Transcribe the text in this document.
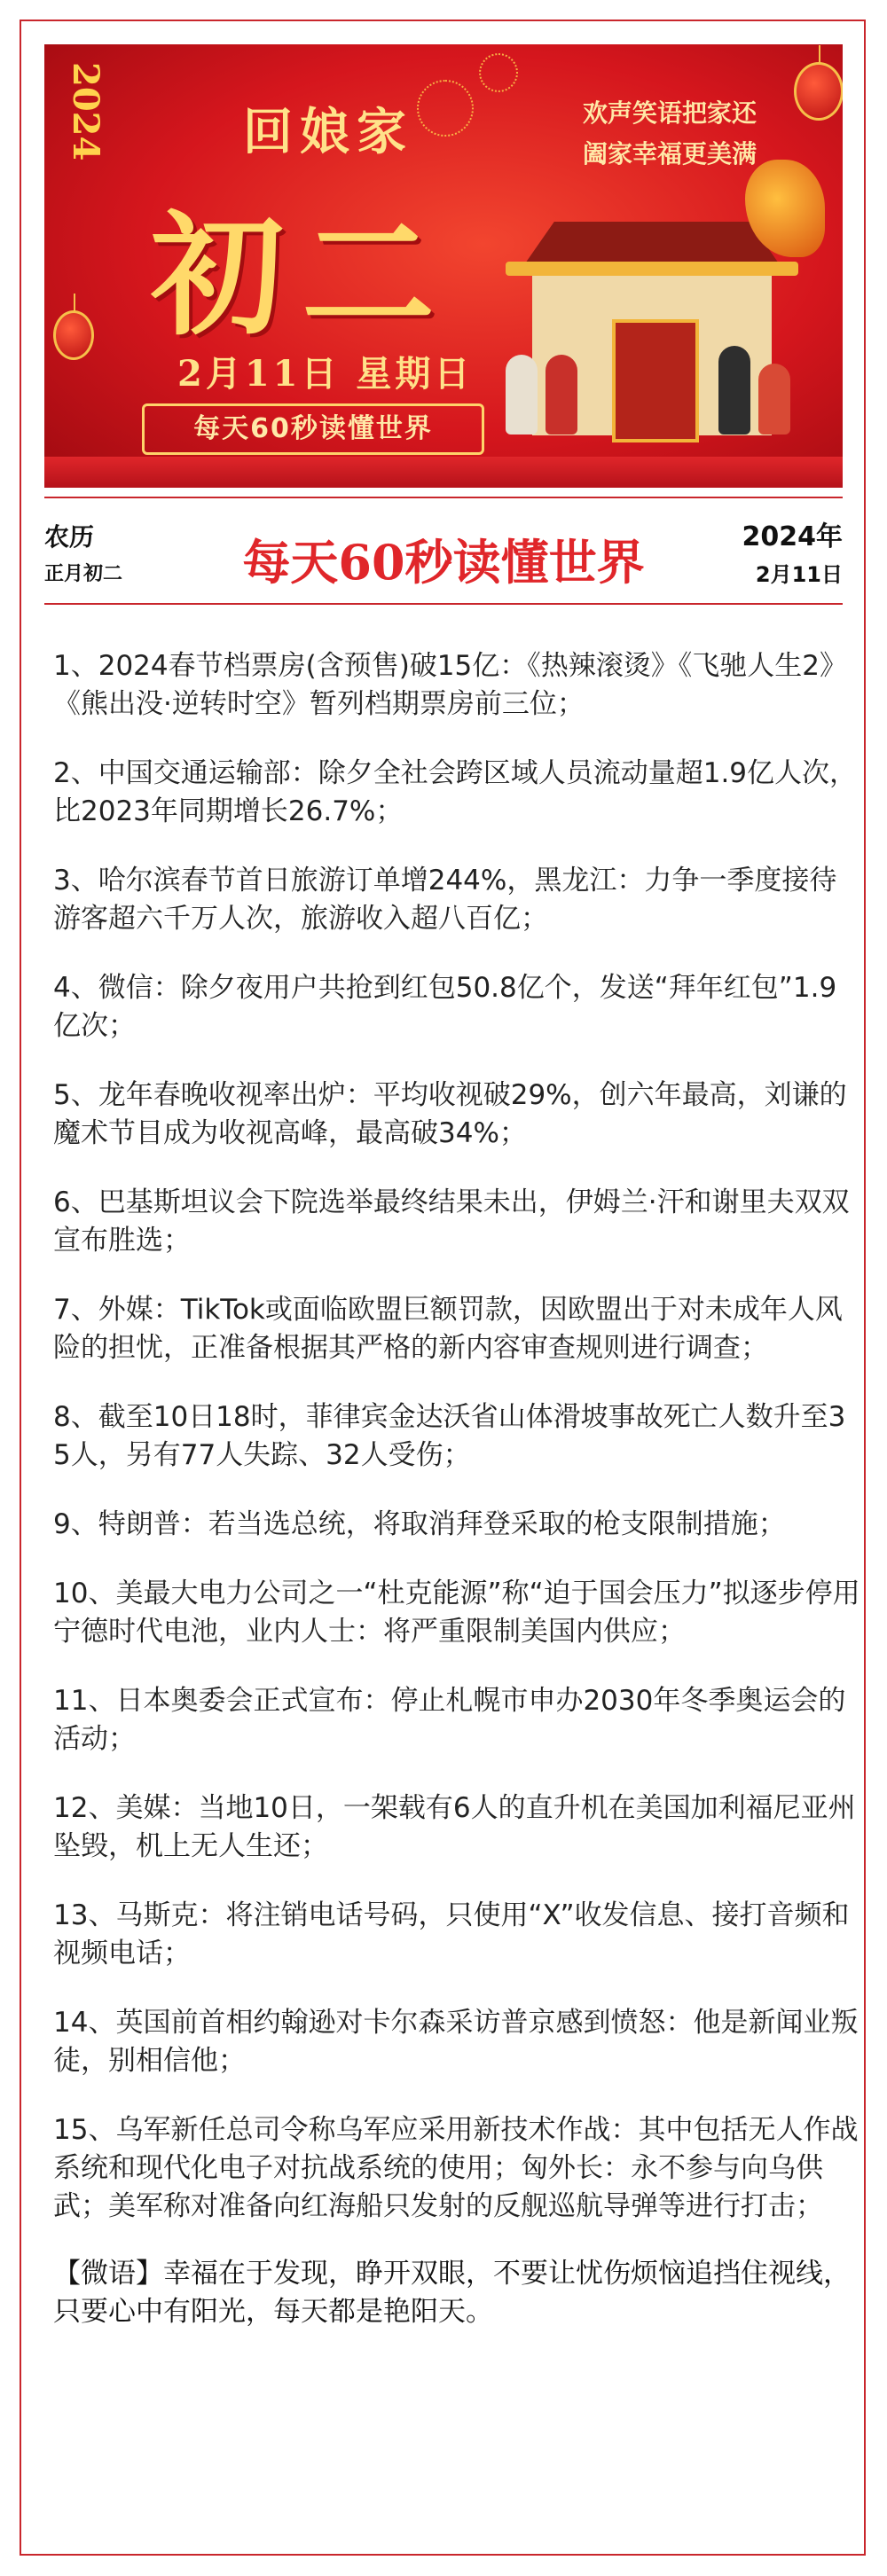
2024	回娘家
初二
2月11日 星期日
每天60秒读懂世界
欢声笑语把家还
阖家幸福更美满
农历
正月初二	每天60秒读懂世界	2024年
2月11日

1、2024春节档票房(含预售)破15亿：《热辣滚烫》《飞驰人生2》《熊出没·逆转时空》暂列档期票房前三位；

2、中国交通运输部：除夕全社会跨区域人员流动量超1.9亿人次，比2023年同期增长26.7%；

3、哈尔滨春节首日旅游订单增244%，黑龙江：力争一季度接待游客超六千万人次，旅游收入超八百亿；

4、微信：除夕夜用户共抢到红包50.8亿个，发送“拜年红包”1.9亿次；

5、龙年春晚收视率出炉：平均收视破29%，创六年最高，刘谦的魔术节目成为收视高峰，最高破34%；

6、巴基斯坦议会下院选举最终结果未出，伊姆兰·汗和谢里夫双双宣布胜选；

7、外媒：TikTok或面临欧盟巨额罚款，因欧盟出于对未成年人风险的担忧，正准备根据其严格的新内容审查规则进行调查；

8、截至10日18时，菲律宾金达沃省山体滑坡事故死亡人数升至35人，另有77人失踪、32人受伤；

9、特朗普：若当选总统，将取消拜登采取的枪支限制措施；

10、美最大电力公司之一“杜克能源”称“迫于国会压力”拟逐步停用宁德时代电池，业内人士：将严重限制美国内供应；

11、日本奥委会正式宣布：停止札幌市申办2030年冬季奥运会的活动；

12、美媒：当地10日，一架载有6人的直升机在美国加利福尼亚州坠毁，机上无人生还；

13、马斯克：将注销电话号码，只使用“X”收发信息、接打音频和视频电话；

14、英国前首相约翰逊对卡尔森采访普京感到愤怒：他是新闻业叛徒，别相信他；

15、乌军新任总司令称乌军应采用新技术作战：其中包括无人作战系统和现代化电子对抗战系统的使用；匈外长：永不参与向乌供武；美军称对准备向红海船只发射的反舰巡航导弹等进行打击；

【微语】幸福在于发现，睁开双眼，不要让忧伤烦恼追挡住视线，只要心中有阳光，每天都是艳阳天。
